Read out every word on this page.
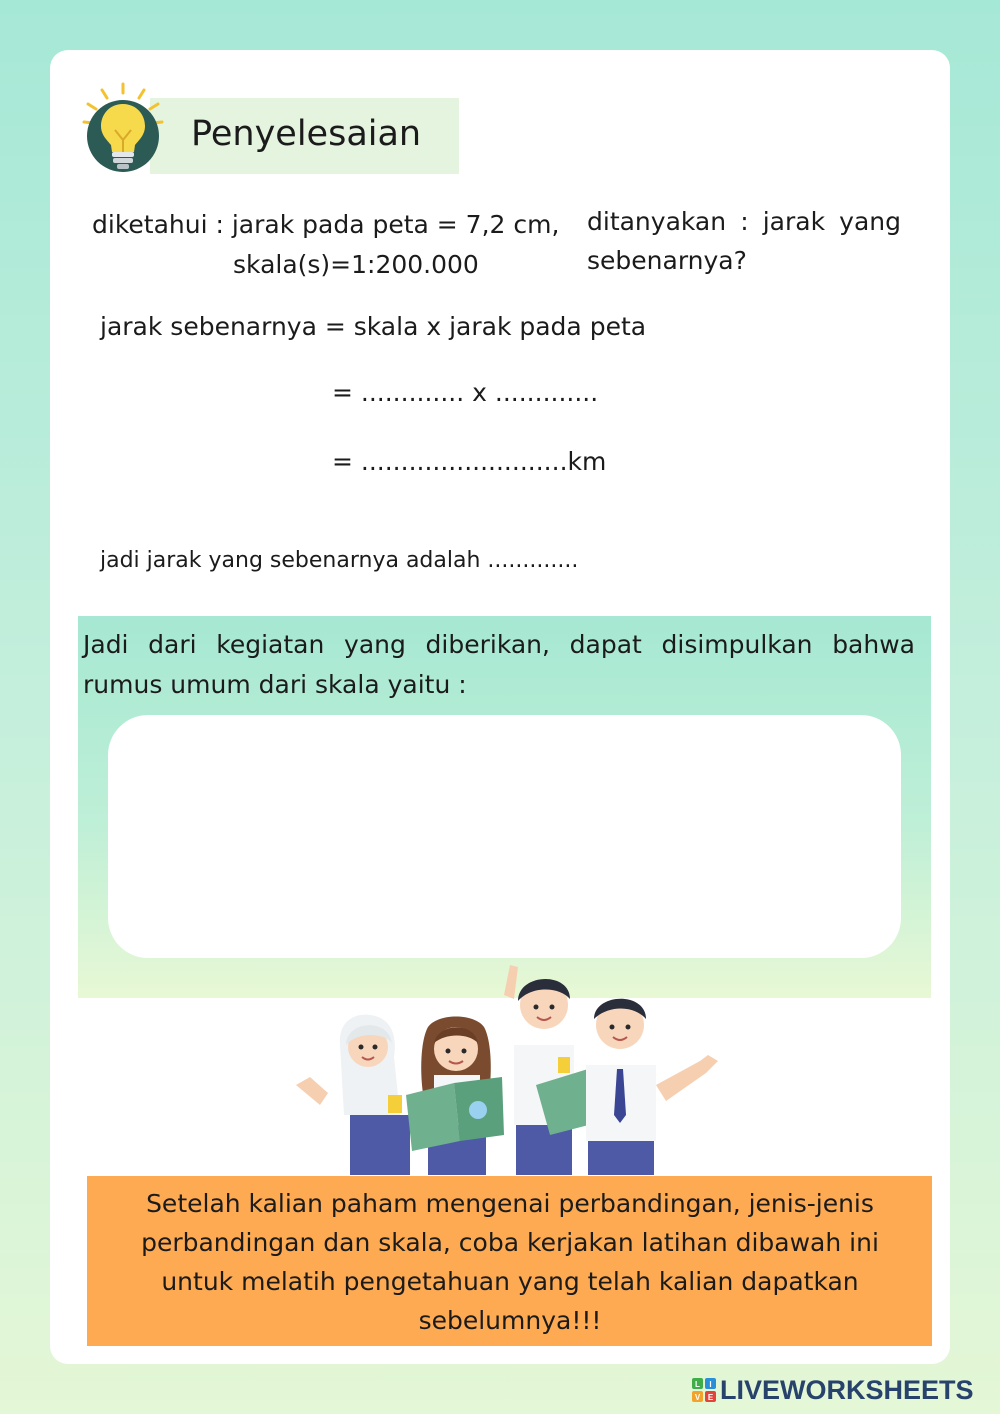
Penyelesaian
diketahui : jarak pada peta = 7,2 cm,
skala(s)=1:200.000
ditanyakan : jarak yang sebenarnya?
jarak sebenarnya = skala x jarak pada peta
= ............. x .............
= ..........................km
jadi jarak yang sebenarnya adalah .............
Jadi dari kegiatan yang diberikan, dapat disimpulkan bahwa rumus umum dari skala yaitu :
Setelah kalian paham mengenai perbandingan, jenis-jenis perbandingan dan skala, coba kerjakan latihan dibawah ini untuk melatih pengetahuan yang telah kalian dapatkan sebelumnya!!!
L I
V E LIVEWORKSHEETS
